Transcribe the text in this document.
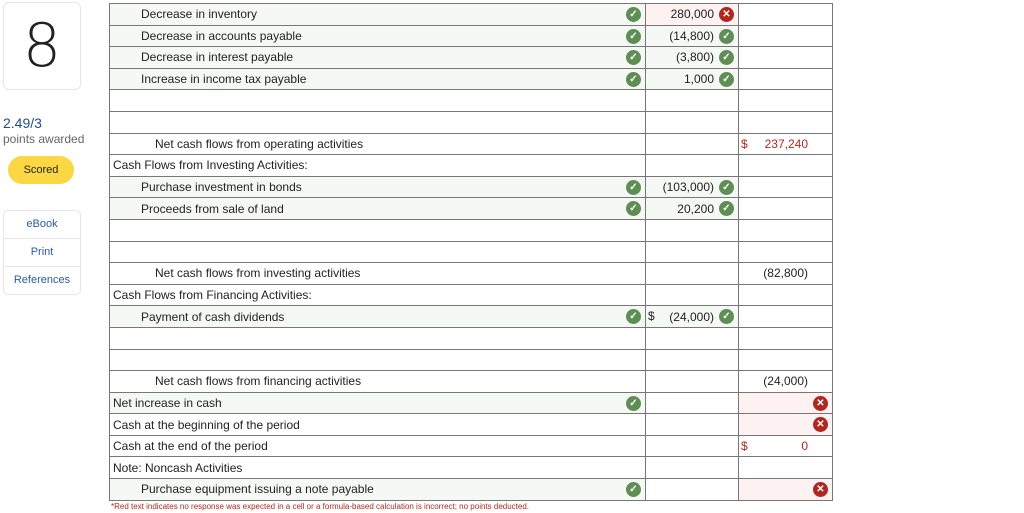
8
2.49/3
points awarded
Scored
eBook
Print
References
Decrease in inventory ✓	280,000 ✕	

Decrease in accounts payable ✓	(14,800) ✓	

Decrease in interest payable ✓	(3,800) ✓	

Increase in income tax payable ✓	1,000 ✓	

Net cash flows from operating activities		$ 237,240
Cash Flows from Investing Activities:		
Purchase investment in bonds ✓	(103,000) ✓	

Proceeds from sale of land ✓	20,200 ✓	

Net cash flows from investing activities		(82,800)
Cash Flows from Financing Activities:		
Payment of cash dividends ✓	$ (24,000) ✓	

Net cash flows from financing activities		(24,000)
Net increase in cash ✓		✕

Cash at the beginning of the period		✕

Cash at the end of the period		$ 0
Note: Noncash Activities		
Purchase equipment issuing a note payable ✓		✕
*Red text indicates no response was expected in a cell or a formula-based calculation is incorrect; no points deducted.
